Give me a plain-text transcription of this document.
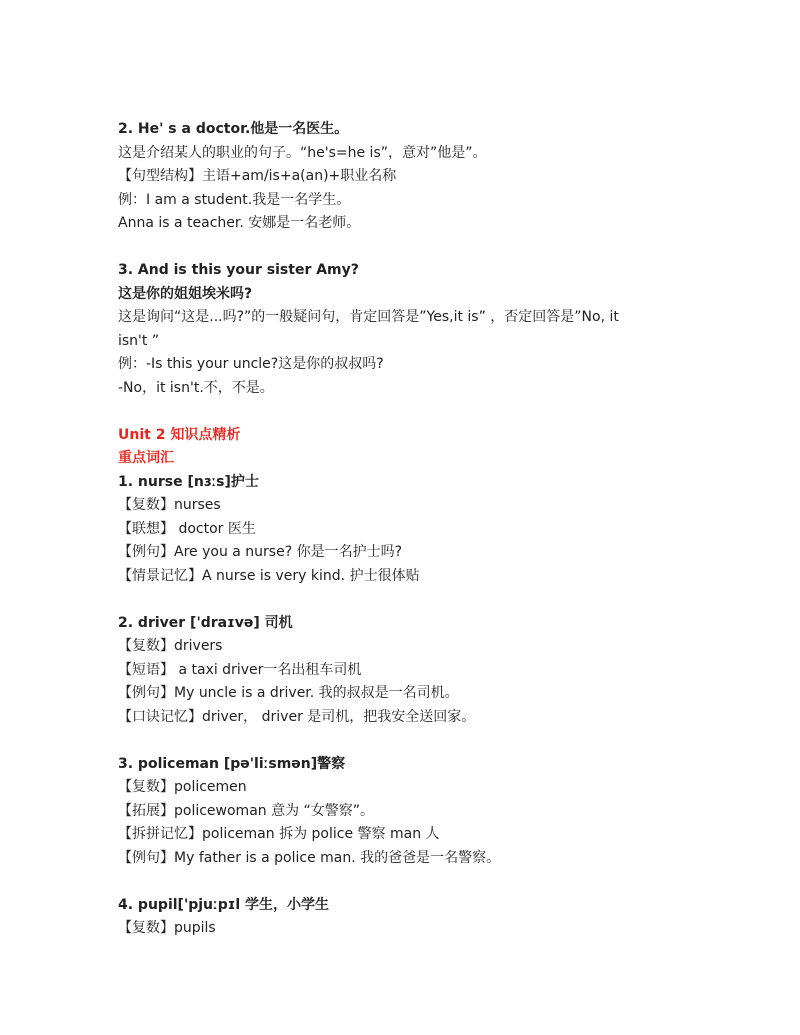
2. He' s a doctor.他是一名医生。
这是介绍某人的职业的句子。“he's=he is”，意对”他是”。
【句型结构】主语+am/is+a(an)+职业名称
例：I am a student.我是一名学生。
Anna is a teacher. 安娜是一名老师。
3. And is this your sister Amy?
这是你的姐姐埃米吗?
这是询问“这是...吗?”的一般疑问句，肯定回答是”Yes,it is” ，否定回答是”No, it
isn't ”
例：-Is this your uncle?这是你的叔叔吗?
-No，it isn't.不，不是。
Unit 2 知识点精析
重点词汇
1. nurse [nɜːs]护士
【复数】nurses
【联想】 doctor 医生
【例句】Are you a nurse? 你是一名护士吗?
【情景记忆】A nurse is very kind. 护士很体贴
2. driver ['draɪvə] 司机
【复数】drivers
【短语】 a taxi driver一名出租车司机
【例句】My uncle is a driver. 我的叔叔是一名司机。
【口诀记忆】driver， driver 是司机，把我安全送回家。
3. policeman [pə'liːsmən]警察
【复数】policemen
【拓展】policewoman 意为 “女警察”。
【拆拼记忆】policeman 拆为 police 警察 man 人
【例句】My father is a police man. 我的爸爸是一名警察。
4. pupil['pjuːpɪl 学生，小学生
【复数】pupils
